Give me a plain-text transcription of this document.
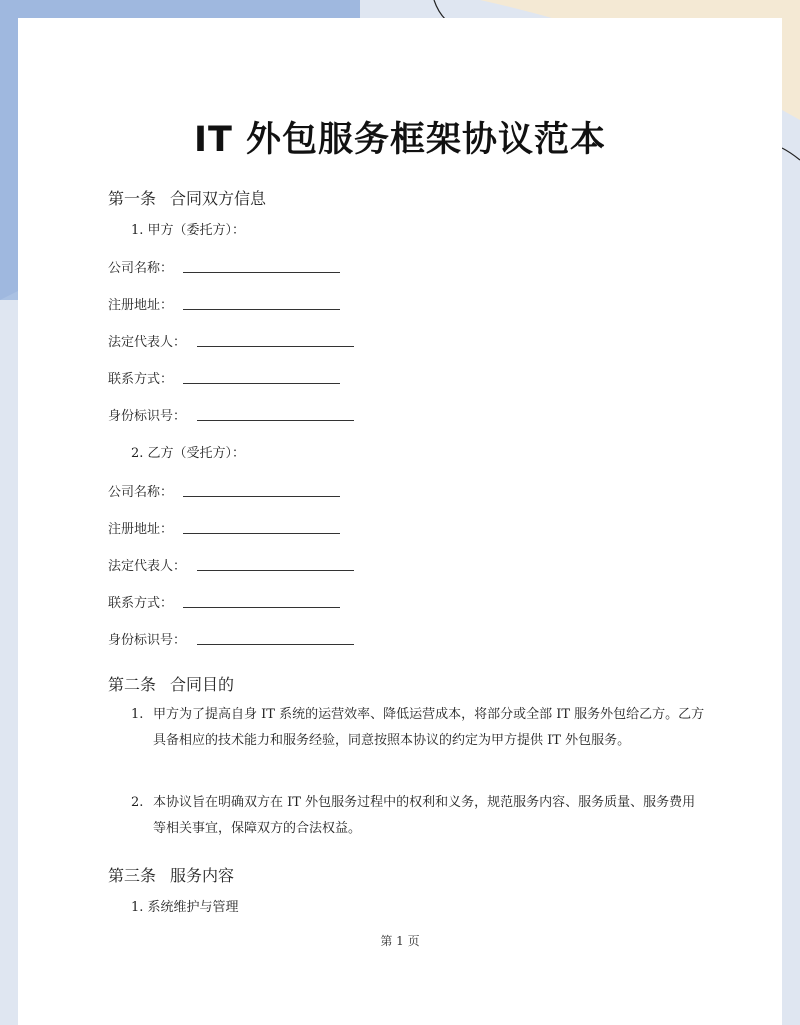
IT 外包服务框架协议范本
第一条 合同双方信息
1. 甲方（委托方）：
公司名称：
注册地址：
法定代表人：
联系方式：
身份标识号：
2. 乙方（受托方）：
公司名称：
注册地址：
法定代表人：
联系方式：
身份标识号：
第二条 合同目的
1. 甲方为了提高自身 IT 系统的运营效率、降低运营成本，将部分或全部 IT 服务外包给乙方。乙方具备相应的技术能力和服务经验，同意按照本协议的约定为甲方提供 IT 外包服务。
2. 本协议旨在明确双方在 IT 外包服务过程中的权利和义务，规范服务内容、服务质量、服务费用等相关事宜，保障双方的合法权益。
第三条 服务内容
1. 系统维护与管理
第 1 页
